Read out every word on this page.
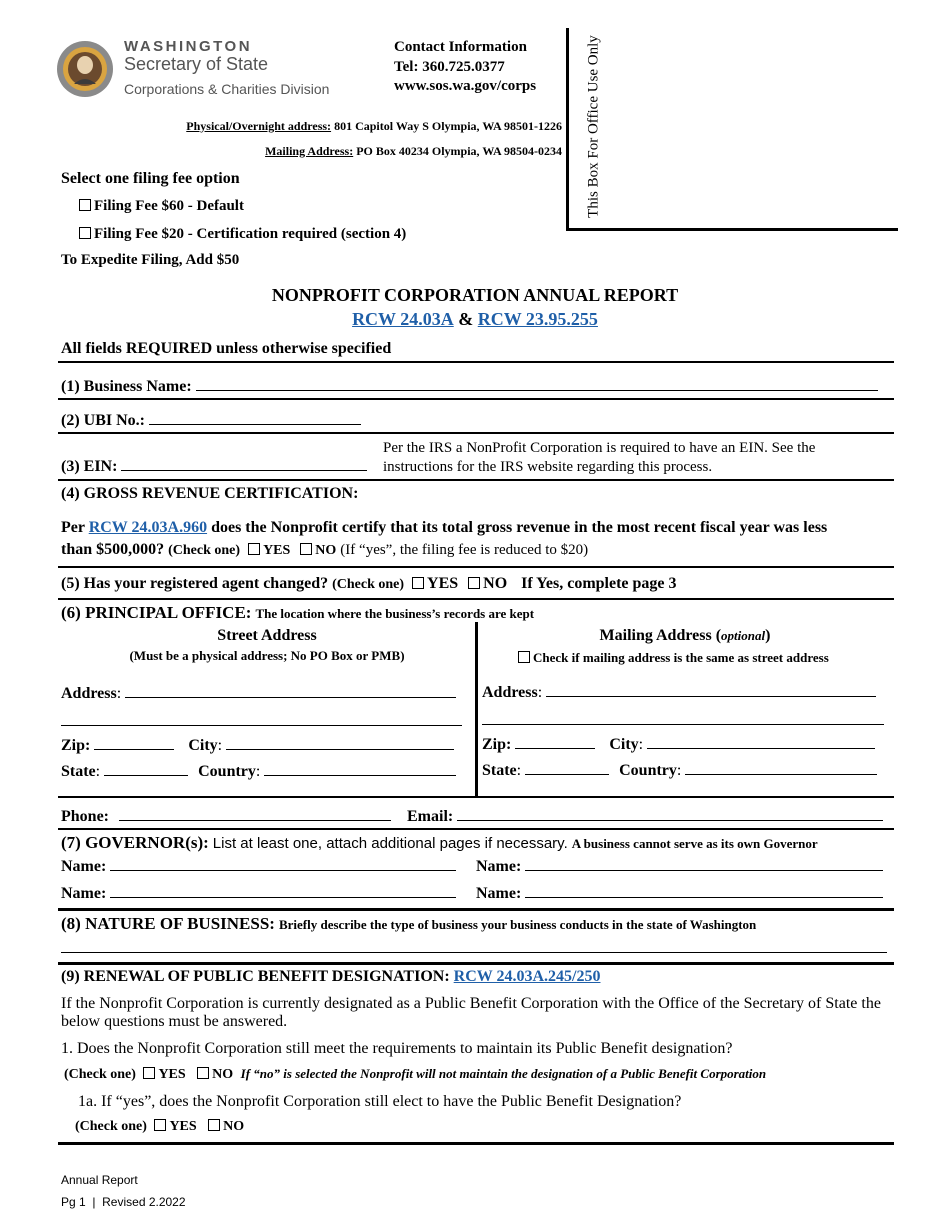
WASHINGTON
Secretary of State
Corporations & Charities Division
Contact Information
Tel: 360.725.0377
www.sos.wa.gov/corps
Physical/Overnight address: 801 Capitol Way S Olympia, WA 98501-1226
Mailing Address: PO Box 40234 Olympia, WA 98504-0234 This Box For Office Use Only
Select one filing fee option
Filing Fee $60 - Default
Filing Fee $20 - Certification required (section 4)
To Expedite Filing, Add $50
NONPROFIT CORPORATION ANNUAL REPORT
RCW 24.03A & RCW 23.95.255
All fields REQUIRED unless otherwise specified
(1) Business Name:
(2) UBI No.:
(3) EIN:
Per the IRS a NonProfit Corporation is required to have an EIN. See the instructions for the IRS website regarding this process.
(4) GROSS REVENUE CERTIFICATION:
Per RCW 24.03A.960 does the Nonprofit certify that its total gross revenue in the most recent fiscal year was less
than $500,000? (Check one) YES NO (If “yes”, the filing fee is reduced to $20)
(5) Has your registered agent changed? (Check one) YES NO If Yes, complete page 3
(6) PRINCIPAL OFFICE: The location where the business’s records are kept
Street Address
(Must be a physical address; No PO Box or PMB)
Mailing Address (optional)
Check if mailing address is the same as street address
Address:
Zip:	City:
State:	Country:
Address:
Zip:	City:
State:	Country:
Phone:	Email:
(7) GOVERNOR(s): List at least one, attach additional pages if necessary. A business cannot serve as its own Governor
Name:	Name:
Name:	Name:
(8) NATURE OF BUSINESS: Briefly describe the type of business your business conducts in the state of Washington
(9) RENEWAL OF PUBLIC BENEFIT DESIGNATION: RCW 24.03A.245/250
If the Nonprofit Corporation is currently designated as a Public Benefit Corporation with the Office of the Secretary of State the below questions must be answered.
1. Does the Nonprofit Corporation still meet the requirements to maintain its Public Benefit designation?
(Check one) YES NO If “no” is selected the Nonprofit will not maintain the designation of a Public Benefit Corporation
1a. If “yes”, does the Nonprofit Corporation still elect to have the Public Benefit Designation?
(Check one) YES NO
Annual Report
Pg 1  |  Revised 2.2022
